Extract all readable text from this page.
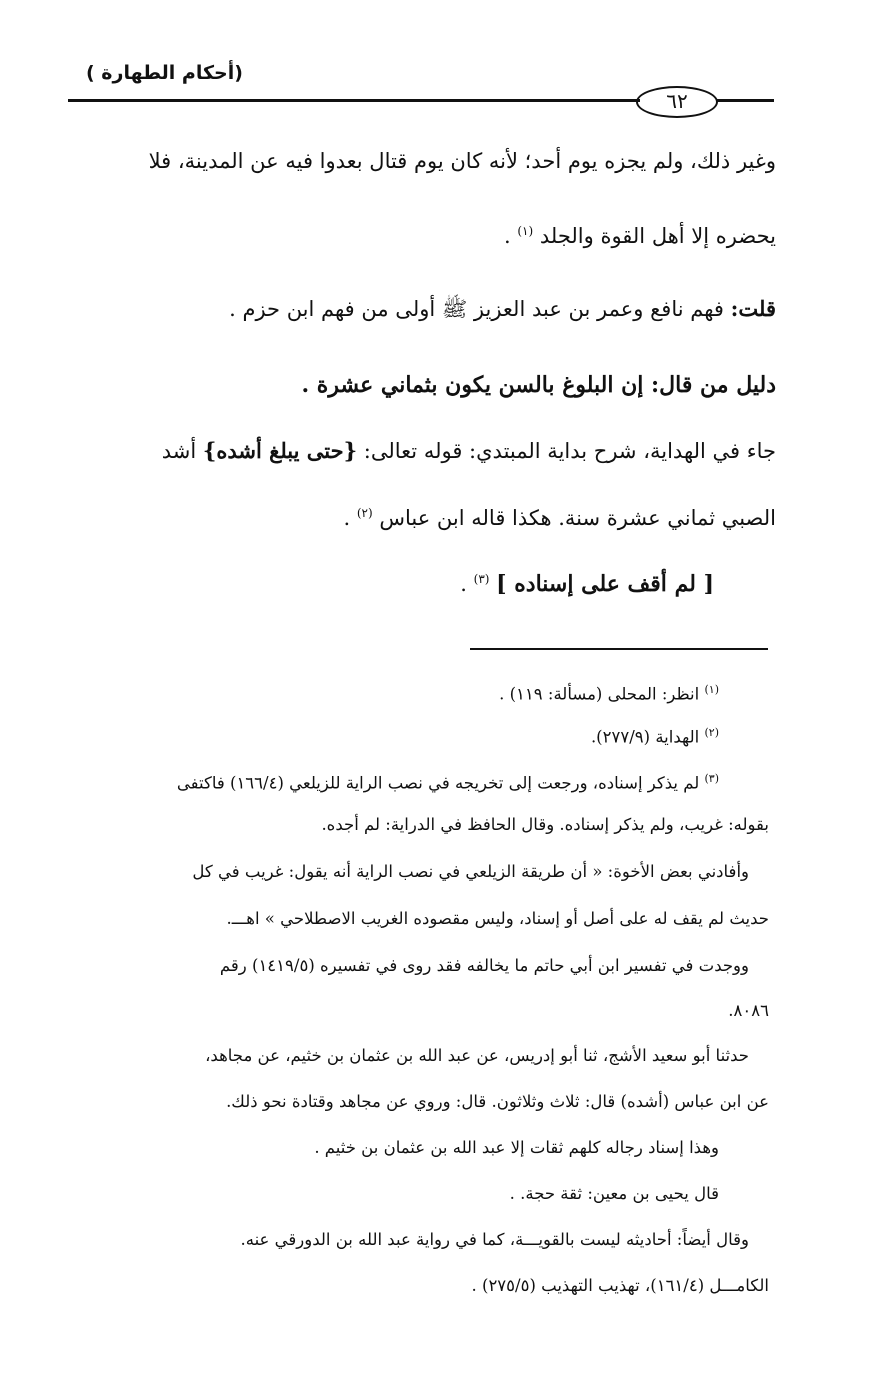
(أحكام الطهارة )
٦٢
وغير ذلك، ولم يجزه يوم أحد؛ لأنه كان يوم قتال بعدوا فيه عن المدينة، فلا
يحضره إلا أهل القوة والجلد $^{(١)}$ .
قلت: فهم نافع وعمر بن عبد العزيز ﷺ أولى من فهم ابن حزم .
دليل من قال: إن البلوغ بالسن يكون بثماني عشرة .
جاء في الهداية، شرح بداية المبتدي: قوله تعالى: {حتى يبلغ أشده} أشد
الصبي ثماني عشرة سنة. هكذا قاله ابن عباس $^{(٢)}$ .
[ لم أقف على إسناده ] $^{(٣)}$ .
$^{(١)}$ انظر: المحلى (مسألة: ١١٩) .
$^{(٢)}$ الهداية (٢٧٧/٩).
$^{(٣)}$ لم يذكر إسناده، ورجعت إلى تخريجه في نصب الراية للزيلعي (١٦٦/٤) فاكتفى
بقوله: غريب، ولم يذكر إسناده. وقال الحافظ في الدراية: لم أجده.
وأفادني بعض الأخوة: « أن طريقة الزيلعي في نصب الراية أنه يقول: غريب في كل
حديث لم يقف له على أصل أو إسناد، وليس مقصوده الغريب الاصطلاحي » اهـــ.
ووجدت في تفسير ابن أبي حاتم ما يخالفه فقد روى في تفسيره (١٤١٩/٥) رقم
٨٠٨٦.
حدثنا أبو سعيد الأشج، ثنا أبو إدريس، عن عبد الله بن عثمان بن خثيم، عن مجاهد،
عن ابن عباس (أشده) قال: ثلاث وثلاثون. قال: وروي عن مجاهد وقتادة نحو ذلك.
وهذا إسناد رجاله كلهم ثقات إلا عبد الله بن عثمان بن خثيم .
قال يحيى بن معين: ثقة حجة. .
وقال أيضاً: أحاديثه ليست بالقويـــة، كما في رواية عبد الله بن الدورقي عنه.
الكامـــل (١٦١/٤)، تهذيب التهذيب (٢٧٥/٥) .
